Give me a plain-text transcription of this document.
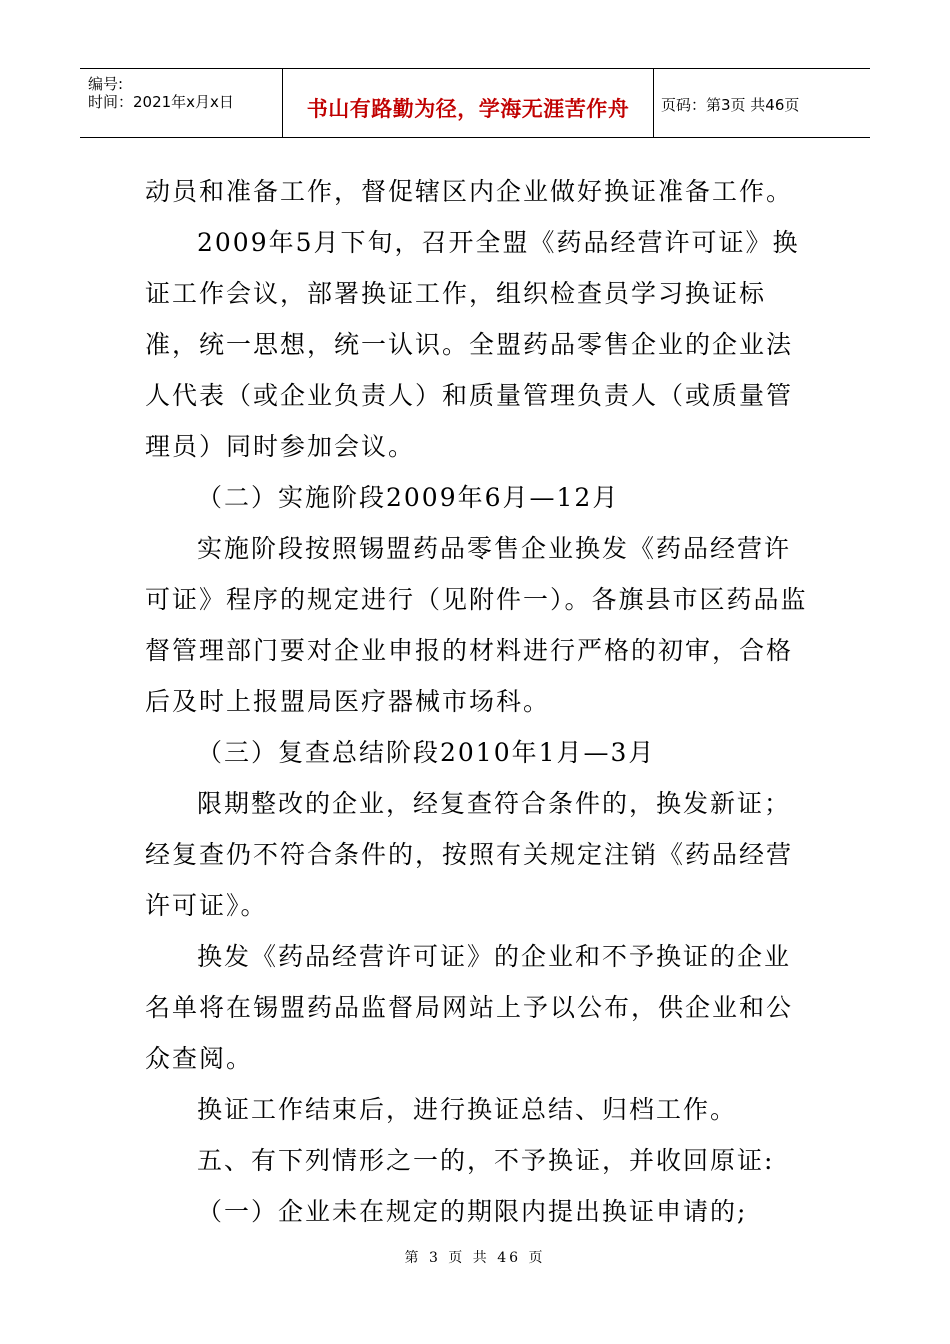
编号:
时间：2021年x月x日	书山有路勤为径，学海无涯苦作舟	页码：第3页 共46页

动员和准备工作，督促辖区内企业做好换证准备工作。

2009年5月下旬，召开全盟《药品经营许可证》换证工作会议，部署换证工作，组织检查员学习换证标准，统一思想，统一认识。全盟药品零售企业的企业法人代表（或企业负责人）和质量管理负责人（或质量管理员）同时参加会议。

（二）实施阶段2009年6月—12月

实施阶段按照锡盟药品零售企业换发《药品经营许可证》程序的规定进行（见附件一）。各旗县市区药品监督管理部门要对企业申报的材料进行严格的初审，合格后及时上报盟局医疗器械市场科。

（三）复查总结阶段2010年1月—3月

限期整改的企业，经复查符合条件的，换发新证；经复查仍不符合条件的，按照有关规定注销《药品经营许可证》。

换发《药品经营许可证》的企业和不予换证的企业名单将在锡盟药品监督局网站上予以公布，供企业和公众查阅。

换证工作结束后，进行换证总结、归档工作。

五、有下列情形之一的，不予换证，并收回原证:

（一）企业未在规定的期限内提出换证申请的;

第 3 页 共 46 页
